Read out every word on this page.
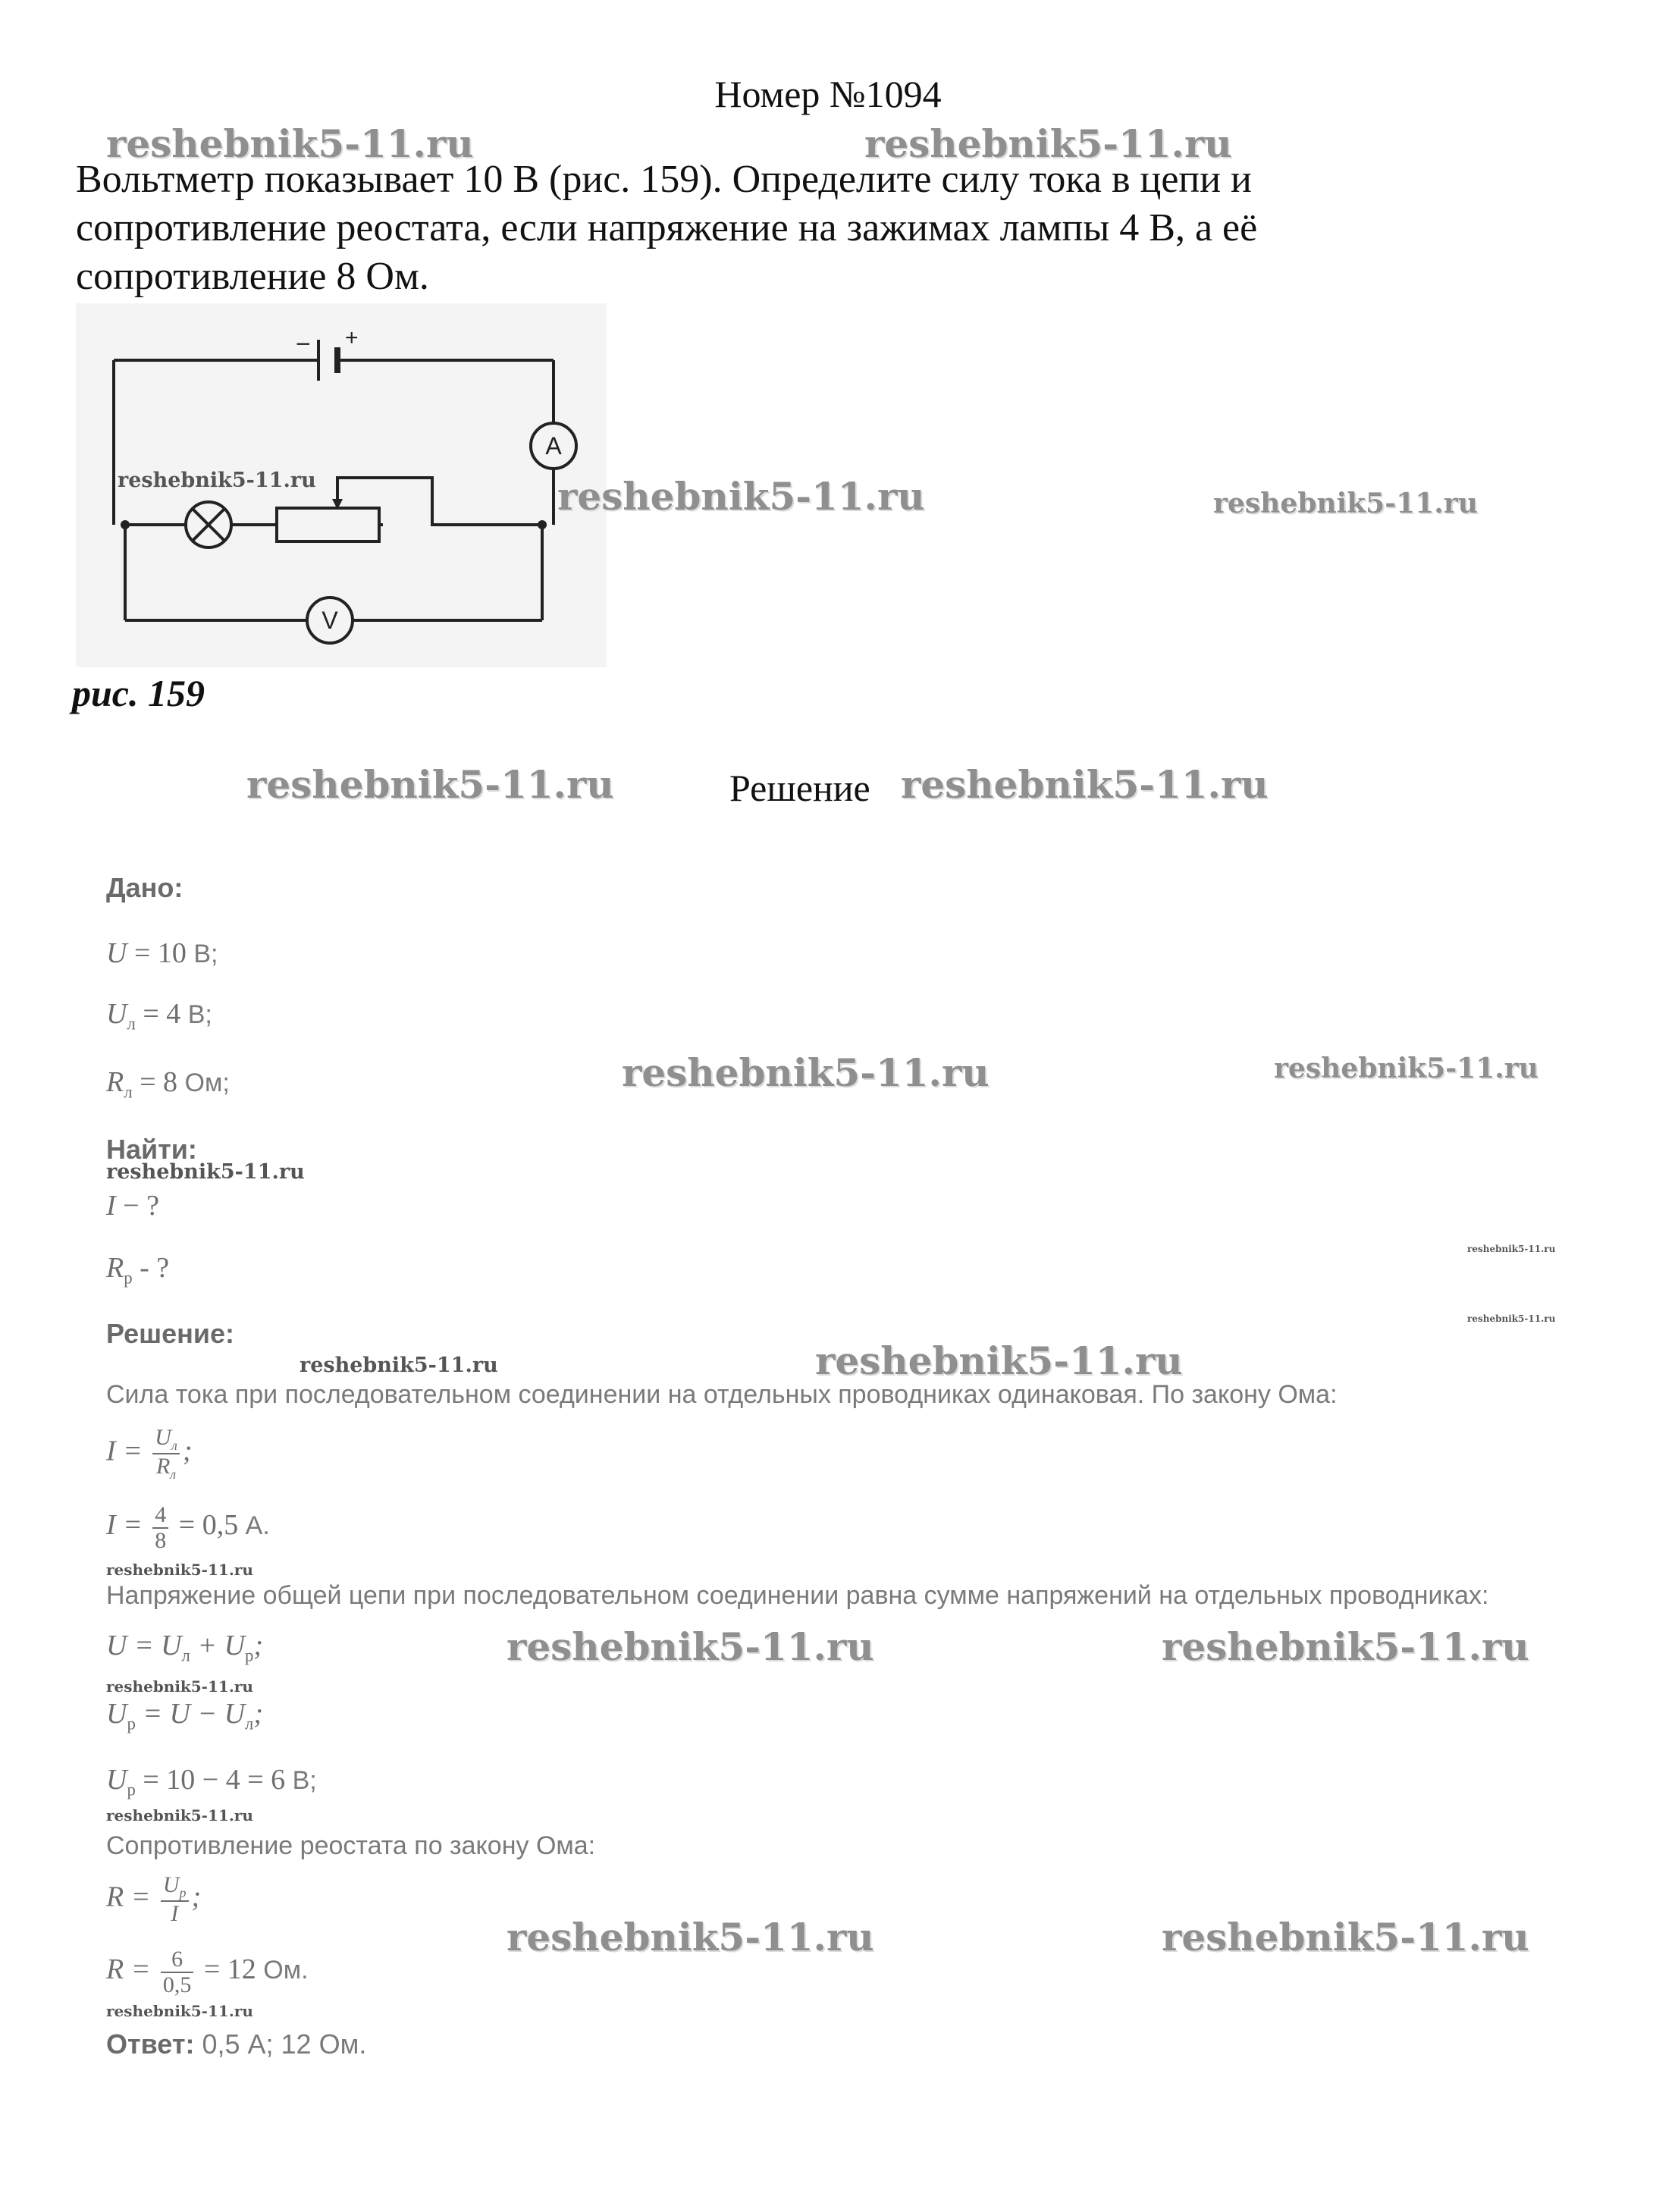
Номер №1094
Вольтметр показывает 10 В (рис. 159). Определите силу тока в цепи и
сопротивление реостата, если напряжение на зажимах лампы 4 В, а её
сопротивление 8 Ом.
− +
A
V
рис. 159
Решение
Дано:
U = 10 В;
$U_л = 4$ В;
$R_л = 8$ Ом;
Найти:
I − ?
$R_р$ - ?
Решение:
Сила тока при последовательном соединении на отдельных проводниках одинаковая. По закону Ома:
$I = \frac{U_л}{R_л}$ ;
$I = \frac{4}{8} = 0,5$ А.
Напряжение общей цепи при последовательном соединении равна сумме напряжений на отдельных проводниках:
$U = U_л + U_р$;
$U_р = U - U_л$;
$U_р = 10 - 4 = 6$ В;
Сопротивление реостата по закону Ома:
$R = \frac{U_р}{I}$ ;
$R = \frac{6}{0,5} = 12$ Ом.
Ответ: 0,5 А; 12 Ом.
reshebnik5-11.ru	reshebnik5-11.ru
reshebnik5-11.ru	reshebnik5-11.ru	reshebnik5-11.ru
reshebnik5-11.ru	reshebnik5-11.ru
reshebnik5-11.ru	reshebnik5-11.ru
reshebnik5-11.ru
reshebnik5-11.ru
reshebnik5-11.ru
reshebnik5-11.ru
reshebnik5-11.ru
reshebnik5-11.ru
reshebnik5-11.ru	reshebnik5-11.ru
reshebnik5-11.ru
reshebnik5-11.ru
reshebnik5-11.ru	reshebnik5-11.ru
reshebnik5-11.ru
